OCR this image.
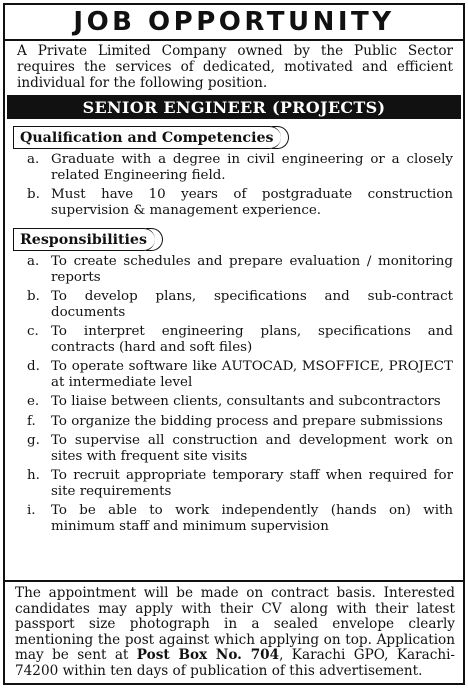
JOB OPPORTUNITY

A Private Limited Company owned by the Public Sector requires the services of dedicated, motivated and efficient individual for the following position.

SENIOR ENGINEER (PROJECTS)
Qualification and Competencies
a. Graduate with a degree in civil engineering or a closely related Engineering field.
b. Must have 10 years of postgraduate construction supervision & management experience.
Responsibilities
a. To create schedules and prepare evaluation / monitoring reports
b. To develop plans, specifications and sub-contract documents
c. To interpret engineering plans, specifications and contracts (hard and soft files)
d. To operate software like AUTOCAD, MSOFFICE, PROJECT at intermediate level
e. To liaise between clients, consultants and subcontractors
f.	To organize the bidding process and prepare submissions
g. To supervise all construction and development work on sites with frequent site visits
h. To recruit appropriate temporary staff when required for site requirements
i.	To be able to work independently (hands on) with minimum staff and minimum supervision
The appointment will be made on contract basis. Interested candidates may apply with their CV along with their latest passport size photograph in a sealed envelope clearly mentioning the post against which applying on top. Application may be sent at Post Box No. 704, Karachi GPO, Karachi-74200 within ten days of publication of this advertisement.
